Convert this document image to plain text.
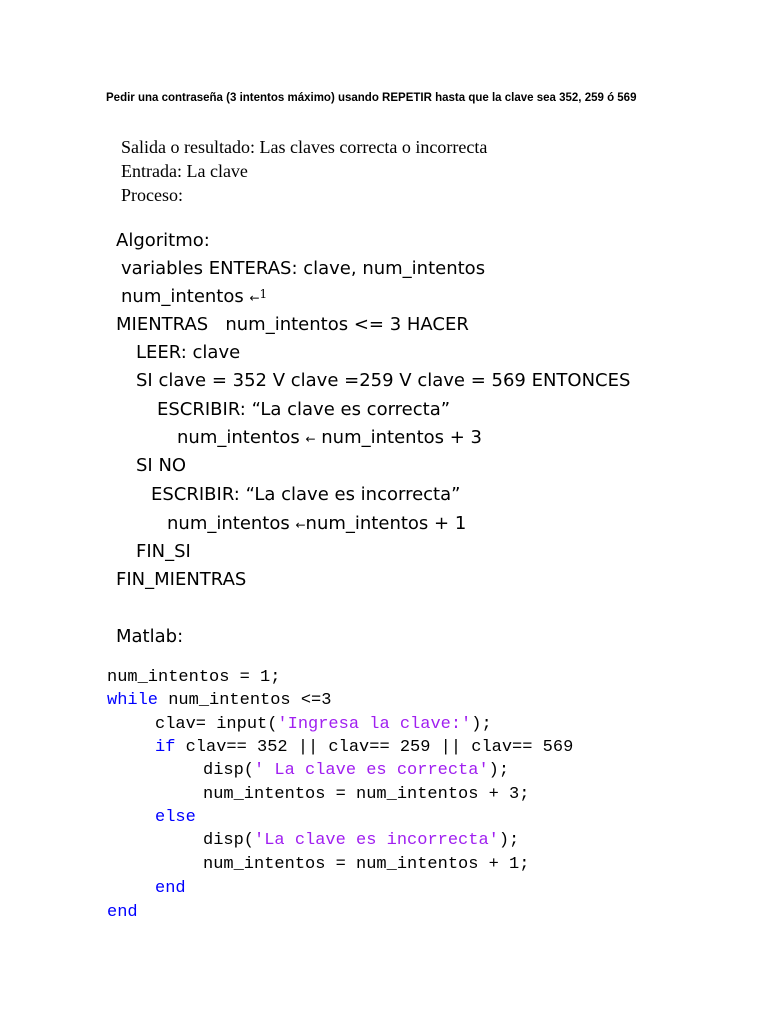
Pedir una contraseña (3 intentos máximo) usando REPETIR hasta que la clave sea 352, 259 ó 569
Salida o resultado: Las claves correcta o incorrecta
Entrada: La clave
Proceso:
Algoritmo:
variables ENTERAS: clave, num_intentos
num_intentos ←$^1$
MIENTRAS   num_intentos <= 3 HACER
LEER: clave
SI clave = 352 V clave =259 V clave = 569 ENTONCES
ESCRIBIR: “La clave es correcta”
num_intentos ← num_intentos + 3
SI NO
ESCRIBIR: “La clave es incorrecta”
num_intentos ←num_intentos + 1
FIN_SI
FIN_MIENTRAS
Matlab:
num_intentos = 1;
while num_intentos <=3
clav= input('Ingresa la clave:');
if clav== 352 || clav== 259 || clav== 569
disp(' La clave es correcta');
num_intentos = num_intentos + 3;
else
disp('La clave es incorrecta');
num_intentos = num_intentos + 1;
end
end
